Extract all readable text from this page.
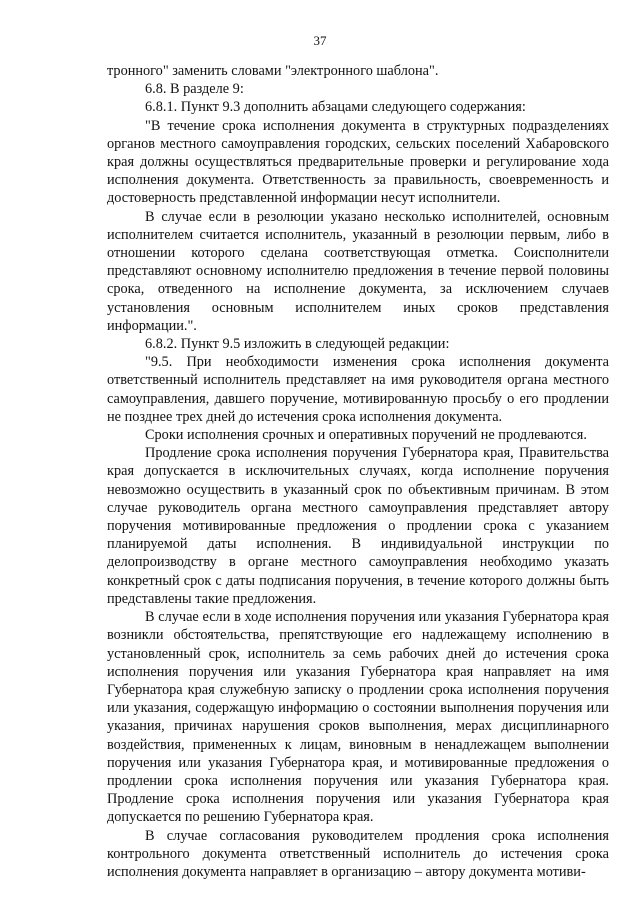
37

тронного" заменить словами "электронного шаблона".

6.8. В разделе 9:

6.8.1. Пункт 9.3 дополнить абзацами следующего содержания:

"В течение срока исполнения документа в структурных подразделениях органов местного самоуправления городских, сельских поселений Хабаровского края должны осуществляться предварительные проверки и регулирование хода исполнения документа. Ответственность за правильность, своевременность и достоверность представленной информации несут исполнители.

В случае если в резолюции указано несколько исполнителей, основным исполнителем считается исполнитель, указанный в резолюции первым, либо в отношении которого сделана соответствующая отметка. Соисполнители представляют основному исполнителю предложения в течение первой половины срока, отведенного на исполнение документа, за исключением случаев установления основным исполнителем иных сроков представления информации.".

6.8.2. Пункт 9.5 изложить в следующей редакции:

"9.5. При необходимости изменения срока исполнения документа ответственный исполнитель представляет на имя руководителя органа местного самоуправления, давшего поручение, мотивированную просьбу о его продлении не позднее трех дней до истечения срока исполнения документа.

Сроки исполнения срочных и оперативных поручений не продлеваются.

Продление срока исполнения поручения Губернатора края, Правительства края допускается в исключительных случаях, когда исполнение поручения невозможно осуществить в указанный срок по объективным причинам. В этом случае руководитель органа местного самоуправления представляет автору поручения мотивированные предложения о продлении срока с указанием планируемой даты исполнения. В индивидуальной инструкции по делопроизводству в органе местного самоуправления необходимо указать конкретный срок с даты подписания поручения, в течение которого должны быть представлены такие предложения.

В случае если в ходе исполнения поручения или указания Губернатора края возникли обстоятельства, препятствующие его надлежащему исполнению в установленный срок, исполнитель за семь рабочих дней до истечения срока исполнения поручения или указания Губернатора края направляет на имя Губернатора края служебную записку о продлении срока исполнения поручения или указания, содержащую информацию о состоянии выполнения поручения или указания, причинах нарушения сроков выполнения, мерах дисциплинарного воздействия, примененных к лицам, виновным в ненадлежащем выполнении поручения или указания Губернатора края, и мотивированные предложения о продлении срока исполнения поручения или указания Губернатора края. Продление срока исполнения поручения или указания Губернатора края допускается по решению Губернатора края.

В случае согласования руководителем продления срока исполнения контрольного документа ответственный исполнитель до истечения срока исполнения документа направляет в организацию – автору документа мотиви-
